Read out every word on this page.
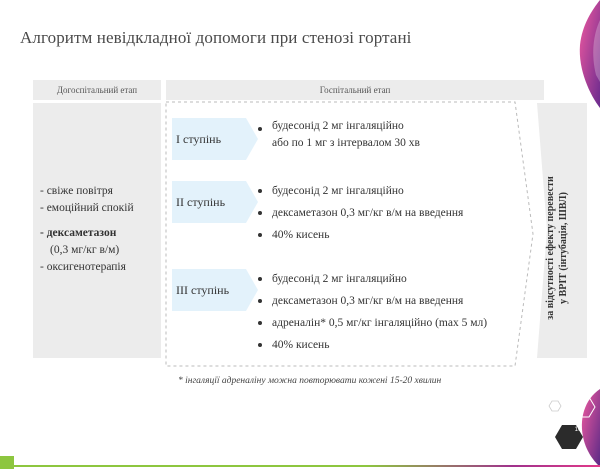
Алгоритм невідкладної допомоги при стенозі гортані
Догоспітальний етап	Госпітальний етап
- свіже повітря
- емоційний спокій
- дексаметазон
(0,3 мг/кг в/м)
- оксигенотерапія
І ступінь
ІІ ступінь
ІІІ ступінь
будесонід 2 мг інгаляційно
або по 1 мг з інтервалом 30 хв
будесонід 2 мг інгаляційно
дексаметазон 0,3 мг/кг в/м на введення
40% кисень
будесонід 2 мг інгаляцийно
дексаметазон 0,3 мг/кг в/м на введення
адреналін* 0,5 мг/кг інгаляційно (max 5 мл)
40% кисень
за відсутності ефекту перевести у ВРІТ (інтубація, ШВЛ)
* інгаляції адреналіну можна повторювати кожені 15-20 хвилин
10
